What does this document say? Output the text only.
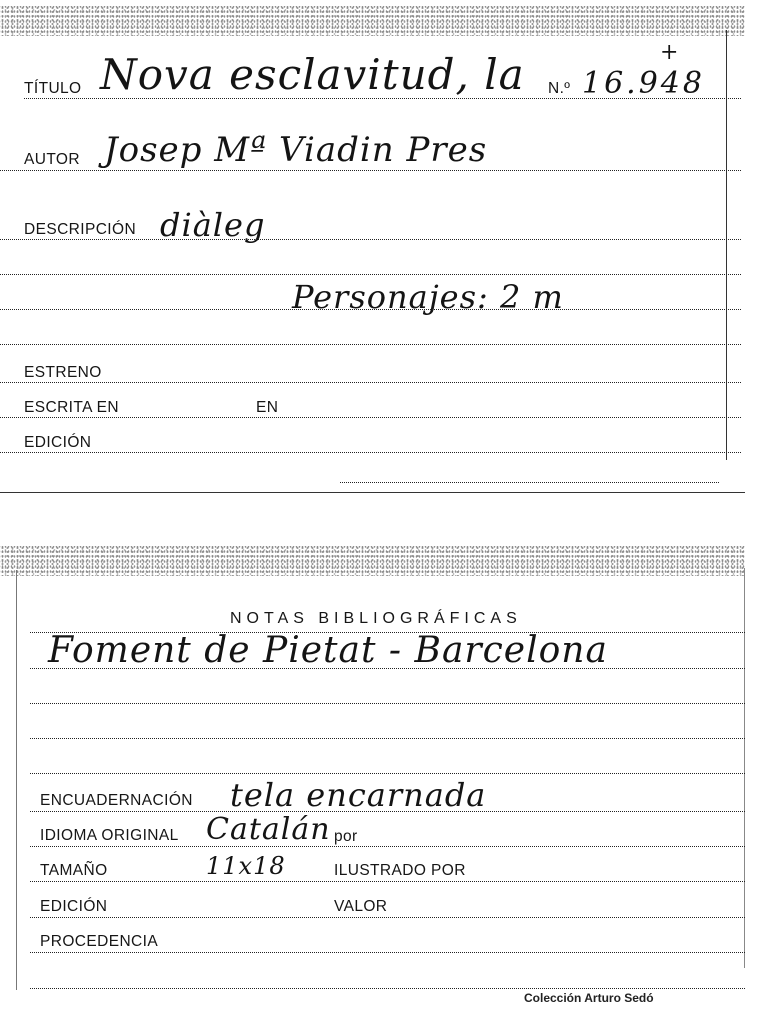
TÍTULO Nova esclavitud, la N.º 16.948
+
AUTOR Josep Mª Viadin Pres
DESCRIPCIÓN diàleg
Personajes: 2 m
ESTRENO
ESCRITA EN	EN
EDICIÓN
NOTAS BIBLIOGRÁFICAS
Foment de Pietat - Barcelona
ENCUADERNACIÓN tela encarnada
IDIOMA ORIGINAL Catalán por
TAMAÑO	11x18	ILUSTRADO POR
EDICIÓN	VALOR
PROCEDENCIA
Colección Arturo Sedó
